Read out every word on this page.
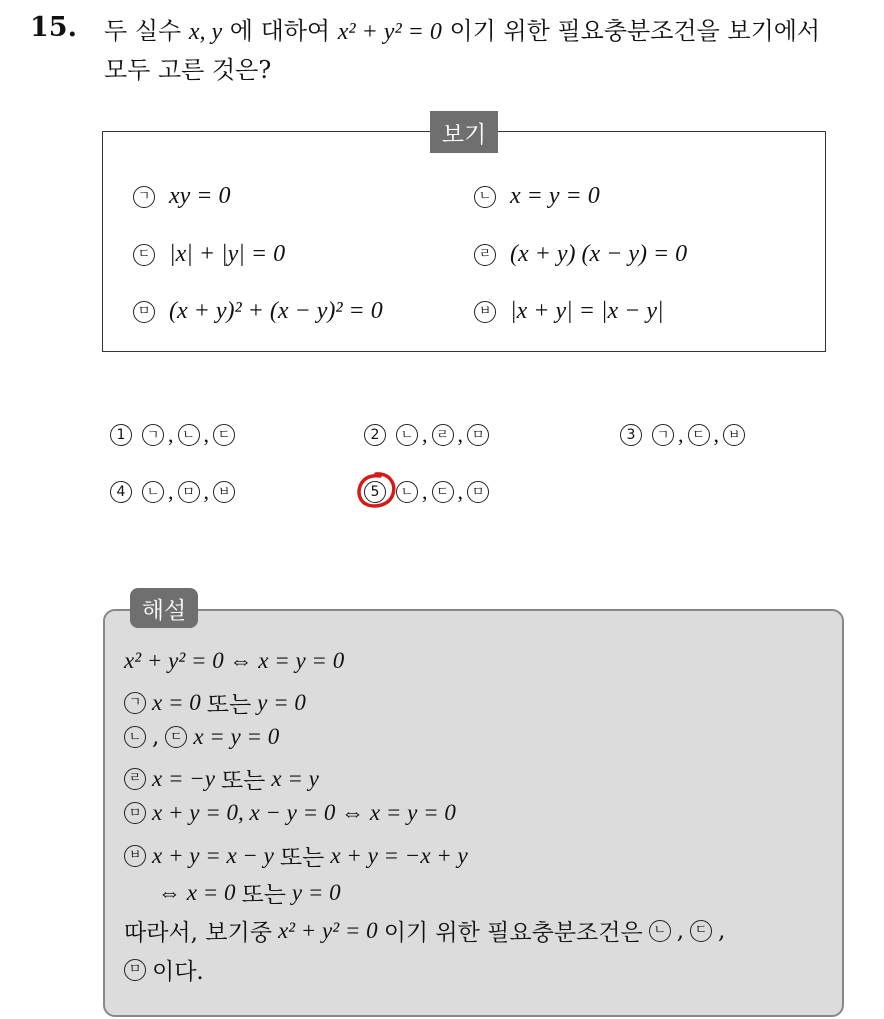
15. 두 실수 x, y 에 대하여 x² + y² = 0 이기 위한 필요충분조건을 보기에서
모두 고른 것은?
보기
ㄱ xy = 0	ㄴ x = y = 0
ㄷ |x| + |y| = 0	ㄹ (x + y) (x − y) = 0
ㅁ (x + y)² + (x − y)² = 0	ㅂ |x + y| = |x − y|
1	ㄱ , ㄴ , ㄷ	2	ㄴ , ㄹ , ㅁ	3	ㄱ , ㄷ , ㅂ
4	ㄴ , ㅁ , ㅂ	5	ㄴ , ㄷ , ㅁ
해설
x² + y² = 0 ⇔ x = y = 0
ㄱ x = 0 또는 y = 0
ㄴ , ㄷ x = y = 0
ㄹ x = −y 또는 x = y
ㅁ x + y = 0, x − y = 0 ⇔ x = y = 0
ㅂ x + y = x − y 또는 x + y = −x + y
⇔ x = 0 또는 y = 0
따라서, 보기중 x² + y² = 0 이기 위한 필요충분조건은 ㄴ , ㄷ ,
ㅁ 이다.
